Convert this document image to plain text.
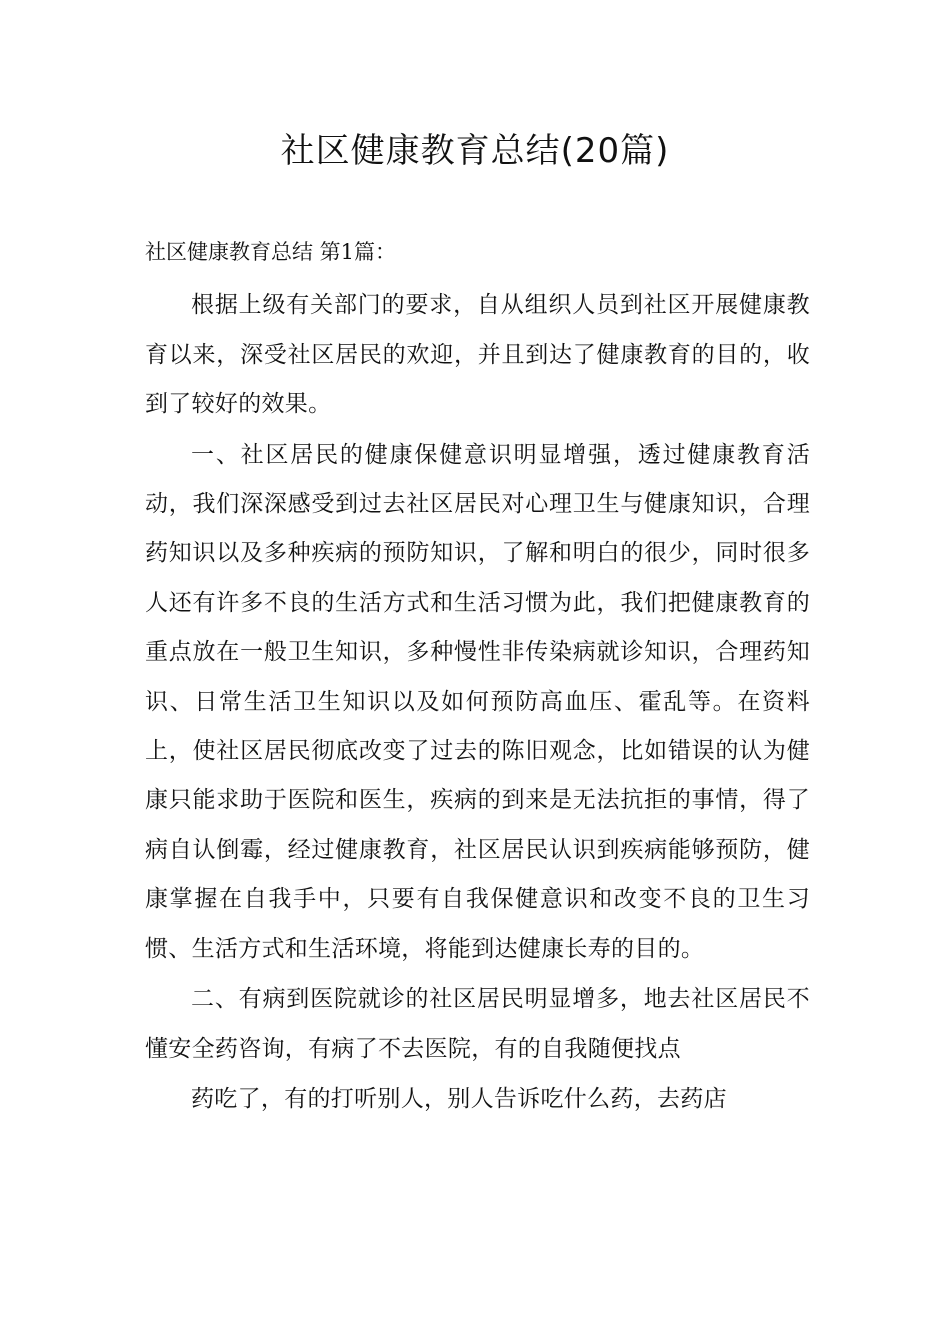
社区健康教育总结(20篇)

社区健康教育总结 第1篇：

根据上级有关部门的要求，自从组织人员到社区开展健康教育以来，深受社区居民的欢迎，并且到达了健康教育的目的，收到了较好的效果。

一、社区居民的健康保健意识明显增强，透过健康教育活动，我们深深感受到过去社区居民对心理卫生与健康知识，合理药知识以及多种疾病的预防知识，了解和明白的很少，同时很多人还有许多不良的生活方式和生活习惯为此，我们把健康教育的重点放在一般卫生知识，多种慢性非传染病就诊知识，合理药知识、日常生活卫生知识以及如何预防高血压、霍乱等。在资料上，使社区居民彻底改变了过去的陈旧观念，比如错误的认为健康只能求助于医院和医生，疾病的到来是无法抗拒的事情，得了病自认倒霉，经过健康教育，社区居民认识到疾病能够预防，健康掌握在自我手中，只要有自我保健意识和改变不良的卫生习惯、生活方式和生活环境，将能到达健康长寿的目的。

二、有病到医院就诊的社区居民明显增多，地去社区居民不懂安全药咨询，有病了不去医院，有的自我随便找点

药吃了，有的打听别人，别人告诉吃什么药，去药店
